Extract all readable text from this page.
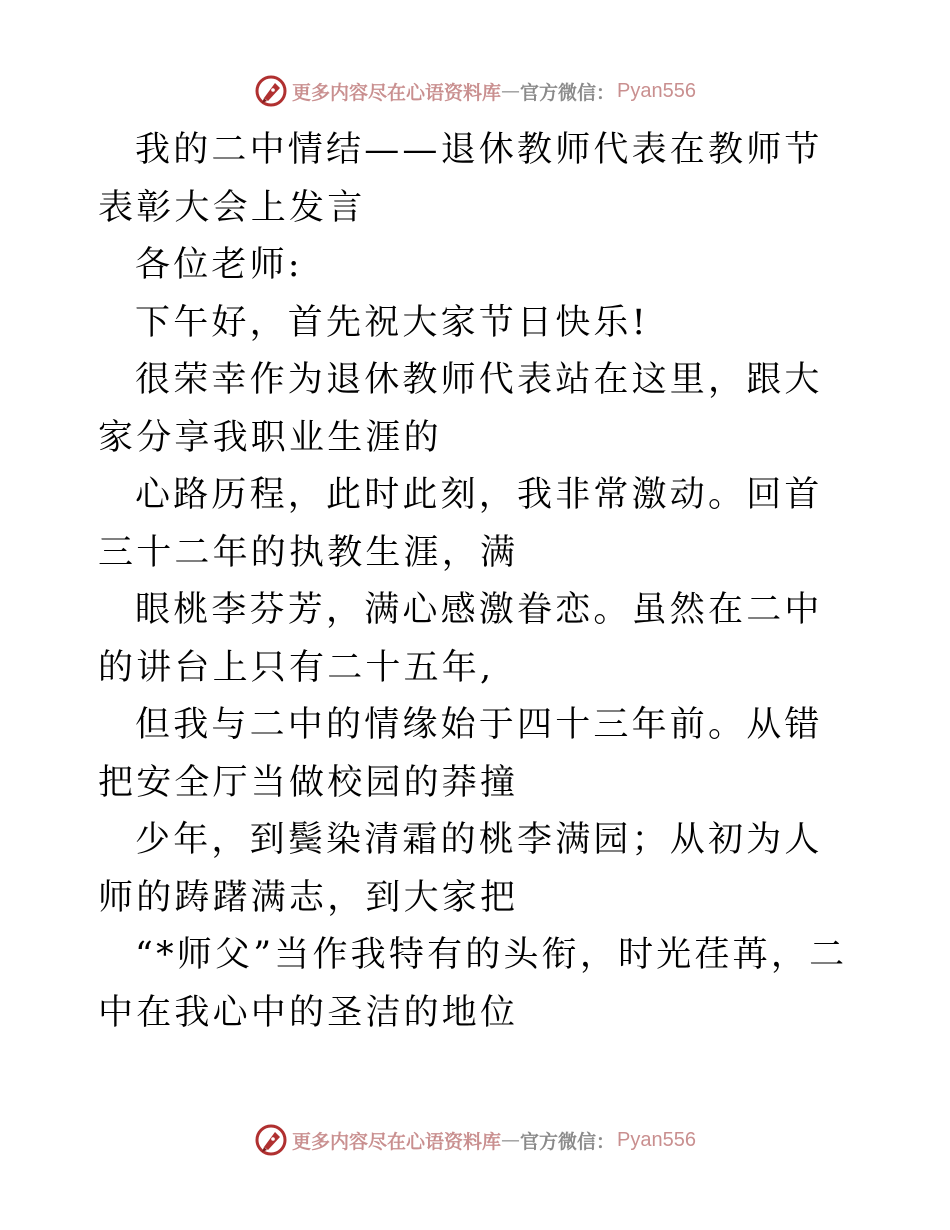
更多内容尽在心语资料库 — 官方微信： Pyan556

我的二中情结——退休教师代表在教师节表彰大会上发言

各位老师:

下午好，首先祝大家节日快乐!

很荣幸作为退休教师代表站在这里，跟大家分享我职业生涯的

心路历程，此时此刻，我非常激动。回首三十二年的执教生涯，满

眼桃李芬芳，满心感激眷恋。虽然在二中的讲台上只有二十五年,

但我与二中的情缘始于四十三年前。从错把安全厅当做校园的莽撞

少年，到鬓染清霜的桃李满园；从初为人师的踌躇满志，到大家把

“*师父”当作我特有的头衔，时光荏苒，二中在我心中的圣洁的地位

更多内容尽在心语资料库 — 官方微信： Pyan556
